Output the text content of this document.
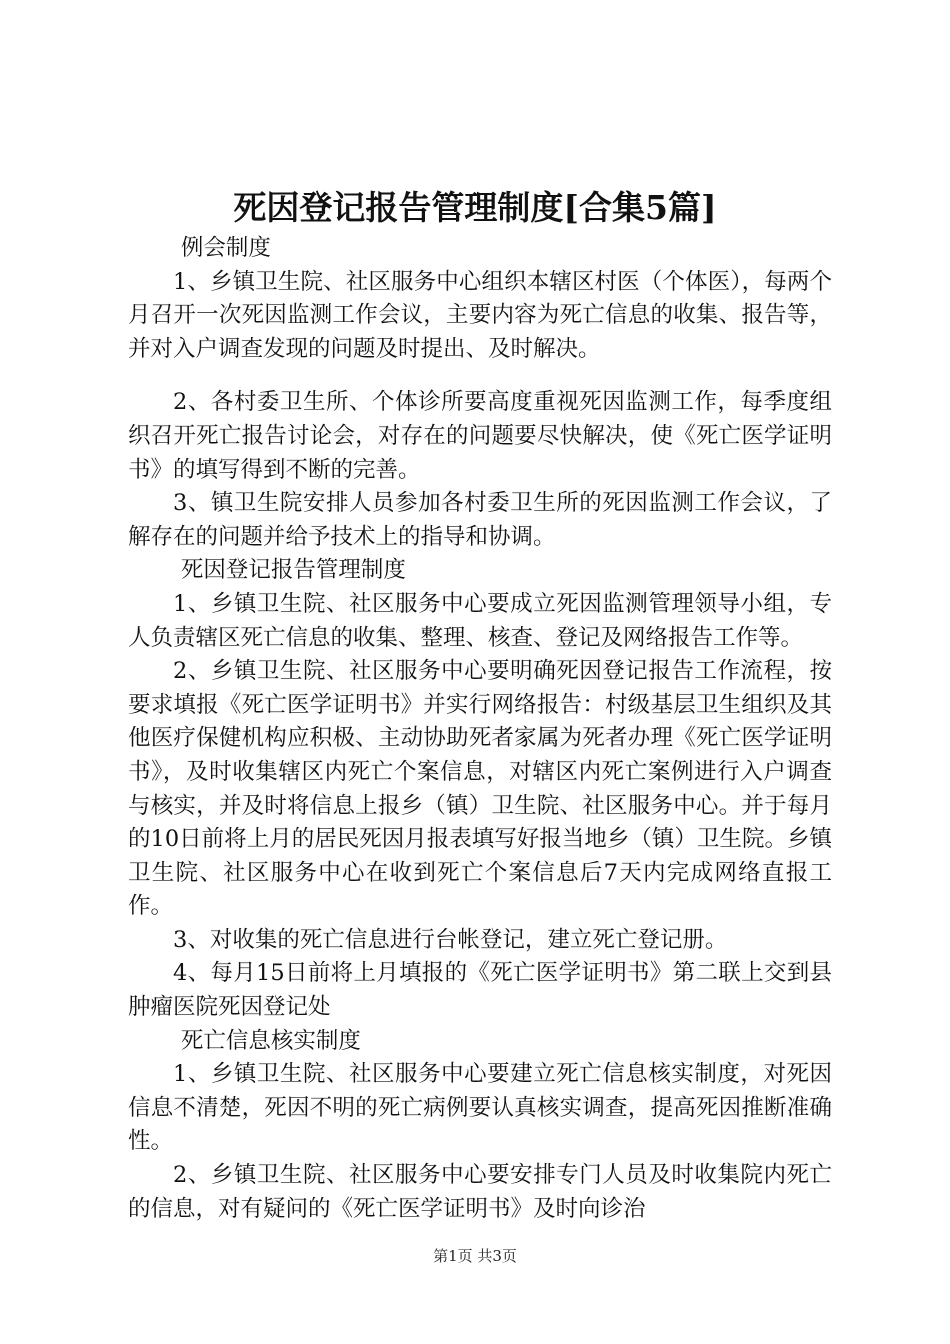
死因登记报告管理制度[合集5篇]

例会制度

1、乡镇卫生院、社区服务中心组织本辖区村医（个体医），每两个月召开一次死因监测工作会议，主要内容为死亡信息的收集、报告等，并对入户调查发现的问题及时提出、及时解决。

2、各村委卫生所、个体诊所要高度重视死因监测工作，每季度组织召开死亡报告讨论会，对存在的问题要尽快解决，使《死亡医学证明书》的填写得到不断的完善。

3、镇卫生院安排人员参加各村委卫生所的死因监测工作会议，了解存在的问题并给予技术上的指导和协调。

死因登记报告管理制度

1、乡镇卫生院、社区服务中心要成立死因监测管理领导小组，专人负责辖区死亡信息的收集、整理、核查、登记及网络报告工作等。

2、乡镇卫生院、社区服务中心要明确死因登记报告工作流程，按要求填报《死亡医学证明书》并实行网络报告：村级基层卫生组织及其他医疗保健机构应积极、主动协助死者家属为死者办理《死亡医学证明书》，及时收集辖区内死亡个案信息，对辖区内死亡案例进行入户调查与核实，并及时将信息上报乡（镇）卫生院、社区服务中心。并于每月的10日前将上月的居民死因月报表填写好报当地乡（镇）卫生院。乡镇卫生院、社区服务中心在收到死亡个案信息后7天内完成网络直报工作。

3、对收集的死亡信息进行台帐登记，建立死亡登记册。

4、每月15日前将上月填报的《死亡医学证明书》第二联上交到县肿瘤医院死因登记处

死亡信息核实制度

1、乡镇卫生院、社区服务中心要建立死亡信息核实制度，对死因信息不清楚，死因不明的死亡病例要认真核实调查，提高死因推断准确性。

2、乡镇卫生院、社区服务中心要安排专门人员及时收集院内死亡的信息，对有疑问的《死亡医学证明书》及时向诊治

第1页 共3页
